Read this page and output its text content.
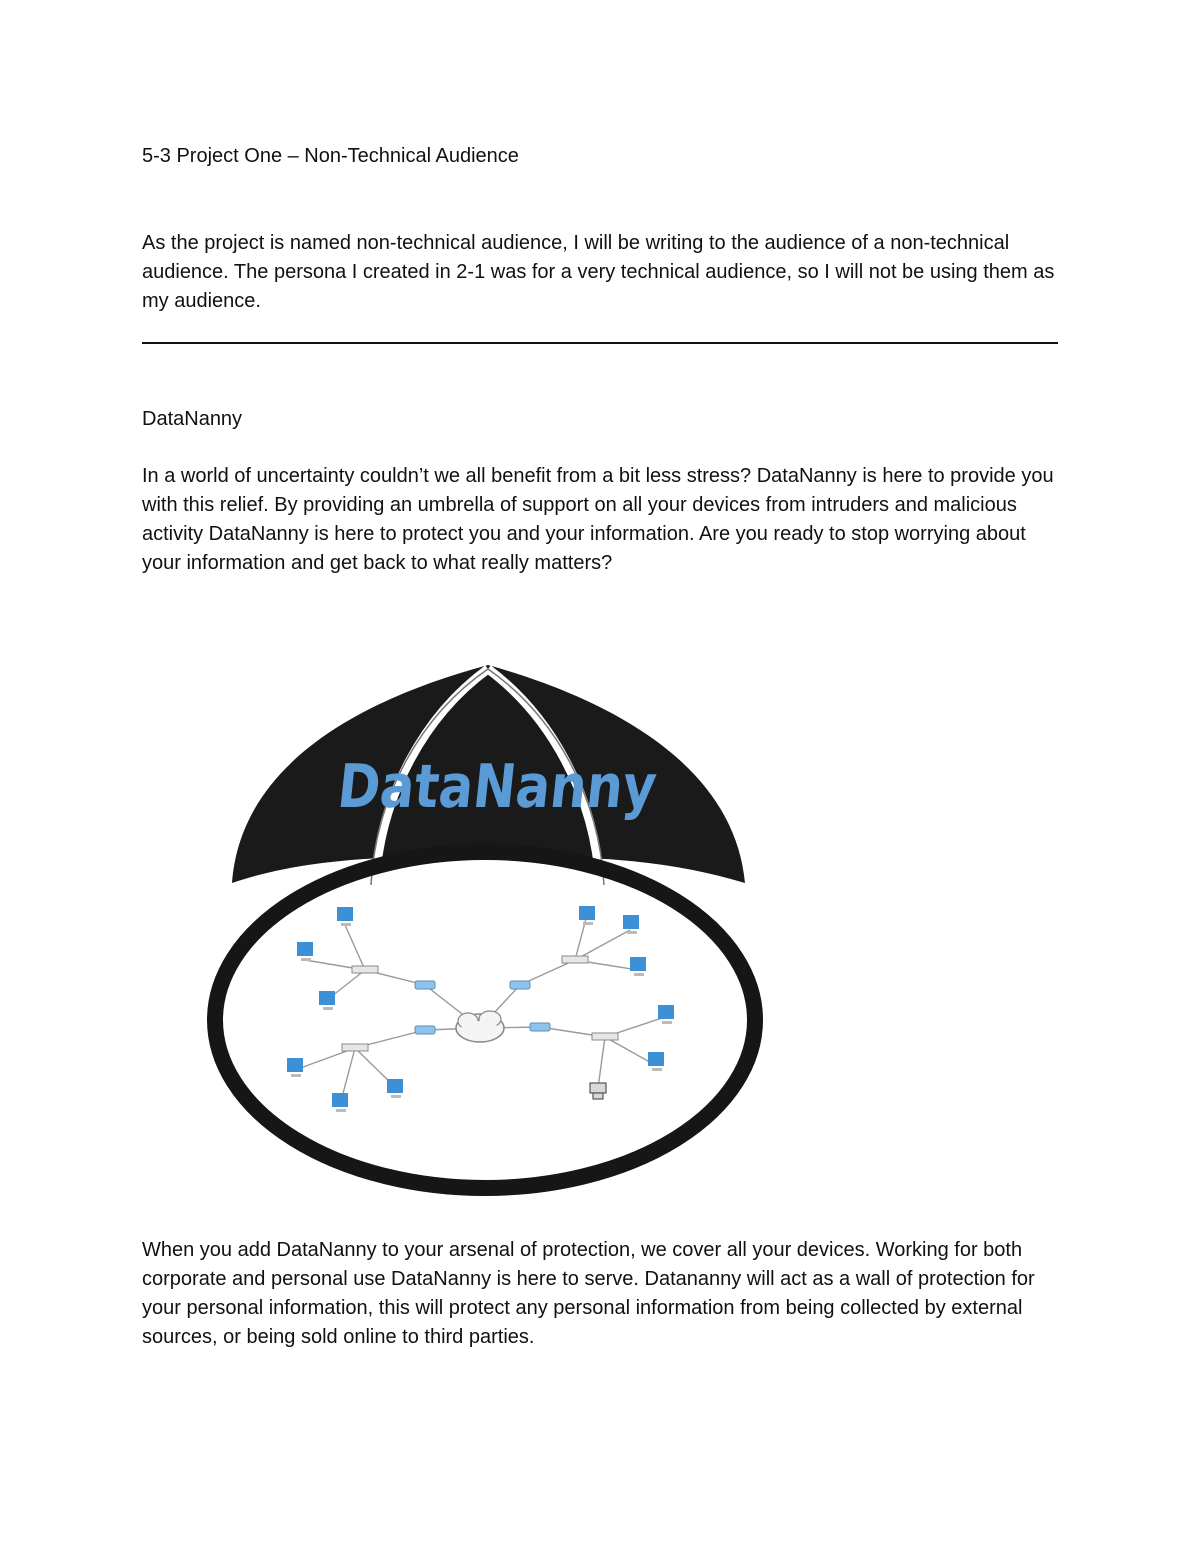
5-3 Project One – Non-Technical Audience

As the project is named non-technical audience, I will be writing to the audience of a non-technical audience. The persona I created in 2-1 was for a very technical audience, so I will not be using them as my audience.

DataNanny

In a world of uncertainty couldn’t we all benefit from a bit less stress? DataNanny is here to provide you with this relief. By providing an umbrella of support on all your devices from intruders and malicious activity DataNanny is here to protect you and your information. Are you ready to stop worrying about your information and get back to what really matters?

DataNanny

When you add DataNanny to your arsenal of protection, we cover all your devices. Working for both corporate and personal use DataNanny is here to serve. Datananny will act as a wall of protection for your personal information, this will protect any personal information from being collected by external sources, or being sold online to third parties.
